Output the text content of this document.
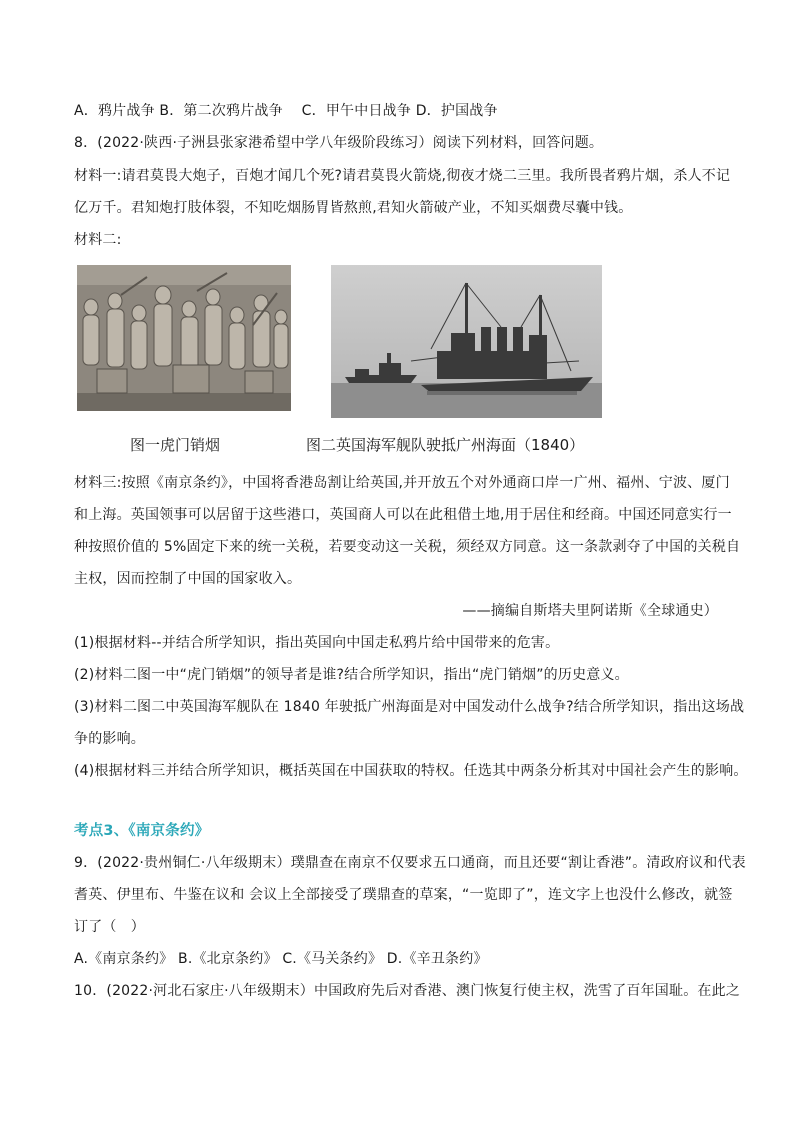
A．鸦片战争 B．第二次鸦片战争　 C．甲午中日战争 D．护国战争
8．(2022·陕西·子洲县张家港希望中学八年级阶段练习）阅读下列材料，回答问题。
材料一:请君莫畏大炮子，百炮才闻几个死?请君莫畏火箭烧,彻夜才烧二三里。我所畏者鸦片烟，杀人不记
亿万千。君知炮打肢体裂，不知吃烟肠胃皆熬煎,君知火箭破产业，不知买烟费尽囊中钱。
材料二:
图一虎门销烟	图二英国海军舰队驶抵广州海面（1840）
材料三:按照《南京条约》，中国将香港岛割让给英国,并开放五个对外通商口岸一广州、福州、宁波、厦门
和上海。英国领事可以居留于这些港口，英国商人可以在此租借土地,用于居住和经商。中国还同意实行一
种按照价值的 5%固定下来的统一关税，若要变动这一关税，须经双方同意。这一条款剥夺了中国的关税自
主权，因而控制了中国的国家收入。
——摘编自斯塔夫里阿诺斯《全球通史）
(1)根据材料--并结合所学知识，指出英国向中国走私鸦片给中国带来的危害。
(2)材料二图一中“虎门销烟”的领导者是谁?结合所学知识，指出“虎门销烟”的历史意义。
(3)材料二图二中英国海军舰队在 1840 年驶抵广州海面是对中国发动什么战争?结合所学知识，指出这场战
争的影响。
(4)根据材料三并结合所学知识，概括英国在中国获取的特权。任选其中两条分析其对中国社会产生的影响。
考点3、《南京条约》
9．(2022·贵州铜仁·八年级期末）璞鼎查在南京不仅要求五口通商，而且还要“割让香港”。清政府议和代表
耆英、伊里布、牛鉴在议和 会议上全部接受了璞鼎查的草案，“一览即了”，连文字上也没什么修改，就签
订了（　）
A.《南京条约》 B.《北京条约》 C.《马关条约》 D.《辛丑条约》
10．(2022·河北石家庄·八年级期末）中国政府先后对香港、澳门恢复行使主权，洗雪了百年国耻。在此之
